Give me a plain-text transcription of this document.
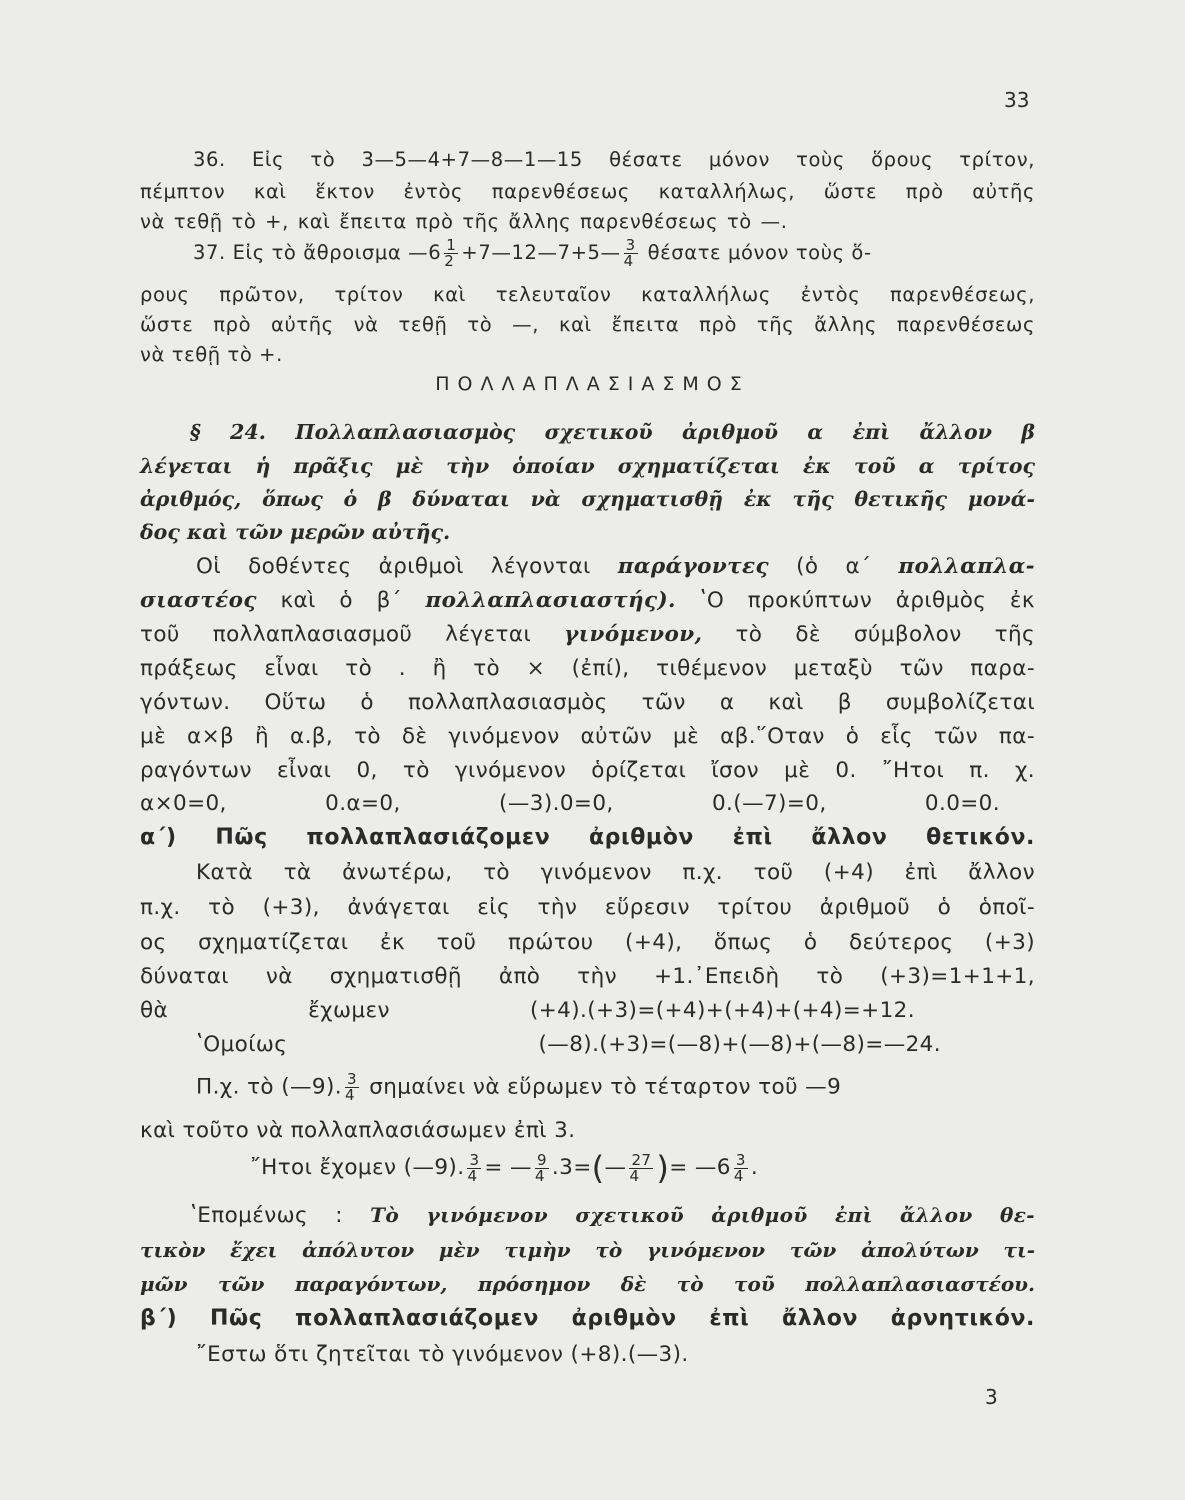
33

36. Εἰς τὸ 3—5—4+7—8—1—15 θέσατε μόνον τοὺς ὅρους τρίτον,

πέμπτον καὶ ἕκτον ἐντὸς παρενθέσεως καταλλήλως, ὥστε πρὸ αὐτῆς

νὰ τεθῇ τὸ +, καὶ ἔπειτα πρὸ τῆς ἄλλης παρενθέσεως τὸ —.

37. Εἰς τὸ ἄθροισμα —6 $\frac{1}{2}$ +7—12—7+5— $\frac{3}{4}$ θέσατε μόνον τοὺς ὅ-

ρους πρῶτον, τρίτον καὶ τελευταῖον καταλλήλως ἐντὸς παρενθέσεως,

ὥστε πρὸ αὐτῆς νὰ τεθῇ τὸ —, καὶ ἔπειτα πρὸ τῆς ἄλλης παρενθέσεως

νὰ τεθῇ τὸ +.

ΠΟΛΛΑΠΛΑΣΙΑΣΜΟΣ

§ 24. Πολλαπλασιασμὸς σχετικοῦ ἀριθμοῦ α ἐπὶ ἄλλον β

λέγεται ἡ πρᾶξις μὲ τὴν ὁποίαν σχηματίζεται ἐκ τοῦ α τρίτος

ἀριθμός, ὅπως ὁ β δύναται νὰ σχηματισθῇ ἐκ τῆς θετικῆς μονά-

δος καὶ τῶν μερῶν αὐτῆς.

Οἱ δοθέντες ἀριθμοὶ λέγονται παράγοντες (ὁ α΄ πολλαπλα-
σιαστέος καὶ ὁ β΄ πολλαπλασιαστής). ʽΟ προκύπτων ἀριθμὸς ἐκ
τοῦ πολλαπλασιασμοῦ λέγεται γινόμενον, τὸ δὲ σύμβολον τῆς

πράξεως εἶναι τὸ . ἢ τὸ × (ἐπί), τιθέμενον μεταξὺ τῶν παρα-

γόντων. Οὕτω ὁ πολλαπλασιασμὸς τῶν α καὶ β συμβολίζεται

μὲ α×β ἢ α.β, τὸ δὲ γινόμενον αὐτῶν μὲ αβ.῞Οταν ὁ εἷς τῶν πα-

ραγόντων εἶναι 0, τὸ γινόμενον ὁρίζεται ἴσον μὲ 0. ῎Ητοι π. χ.

α×0=0, 0.α=0, (—3).0=0, 0.(—7)=0, 0.0=0.

α΄) Πῶς πολλαπλασιάζομεν ἀριθμὸν ἐπὶ ἄλλον θετικόν.

Κατὰ τὰ ἀνωτέρω, τὸ γινόμενον π.χ. τοῦ (+4) ἐπὶ ἄλλον

π.χ. τὸ (+3), ἀνάγεται εἰς τὴν εὕρεσιν τρίτου ἀριθμοῦ ὁ ὁποῖ-

ος σχηματίζεται ἐκ τοῦ πρώτου (+4), ὅπως ὁ δεύτερος (+3)

δύναται νὰ σχηματισθῇ ἀπὸ τὴν +1.᾿Επειδὴ τὸ (+3)=1+1+1,

θὰ ἔχωμεν (+4).(+3)=(+4)+(+4)+(+4)=+12.

ʽΟμοίως (—8).(+3)=(—8)+(—8)+(—8)=—24.

Π.χ. τὸ (—9). $\frac{3}{4}$ σημαίνει νὰ εὕρωμεν τὸ τέταρτον τοῦ —9

καὶ τοῦτο νὰ πολλαπλασιάσωμεν ἐπὶ 3.

῎Ητοι ἔχομεν (—9). $\frac{3}{4}$ = — $\frac{9}{4}$ .3=(— $\frac{27}{4}$ )= —6 $\frac{3}{4}$ .
ʽΕπομένως : Τὸ γινόμενον σχετικοῦ ἀριθμοῦ ἐπὶ ἄλλον θε-

τικὸν ἔχει ἀπόλυτον μὲν τιμὴν τὸ γινόμενον τῶν ἀπολύτων τι-

μῶν τῶν παραγόντων, πρόσημον δὲ τὸ τοῦ πολλαπλασιαστέου.

β΄) Πῶς πολλαπλασιάζομεν ἀριθμὸν ἐπὶ ἄλλον ἀρνητικόν.

῎Εστω ὅτι ζητεῖται τὸ γινόμενον (+8).(—3).

3
